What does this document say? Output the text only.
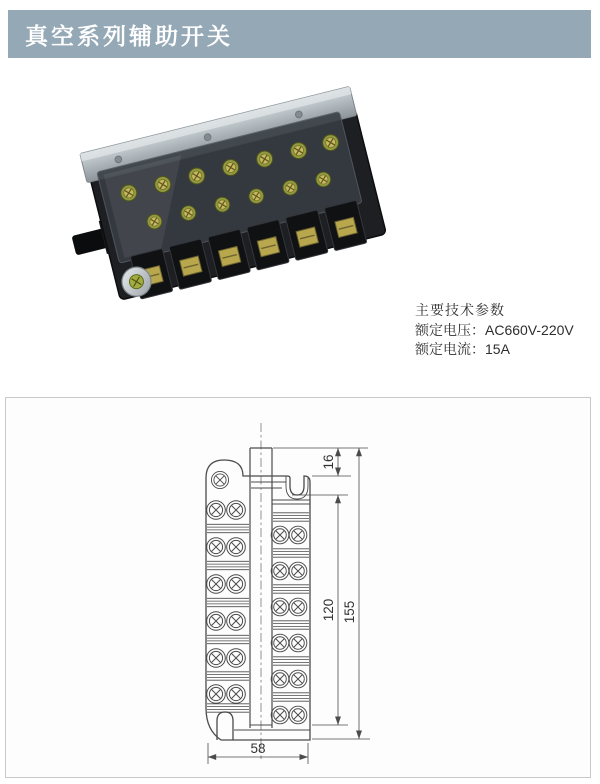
真空系列辅助开关
主要技术参数
额定电压：AC660V-220V
额定电流：15A
16
120 155
58
